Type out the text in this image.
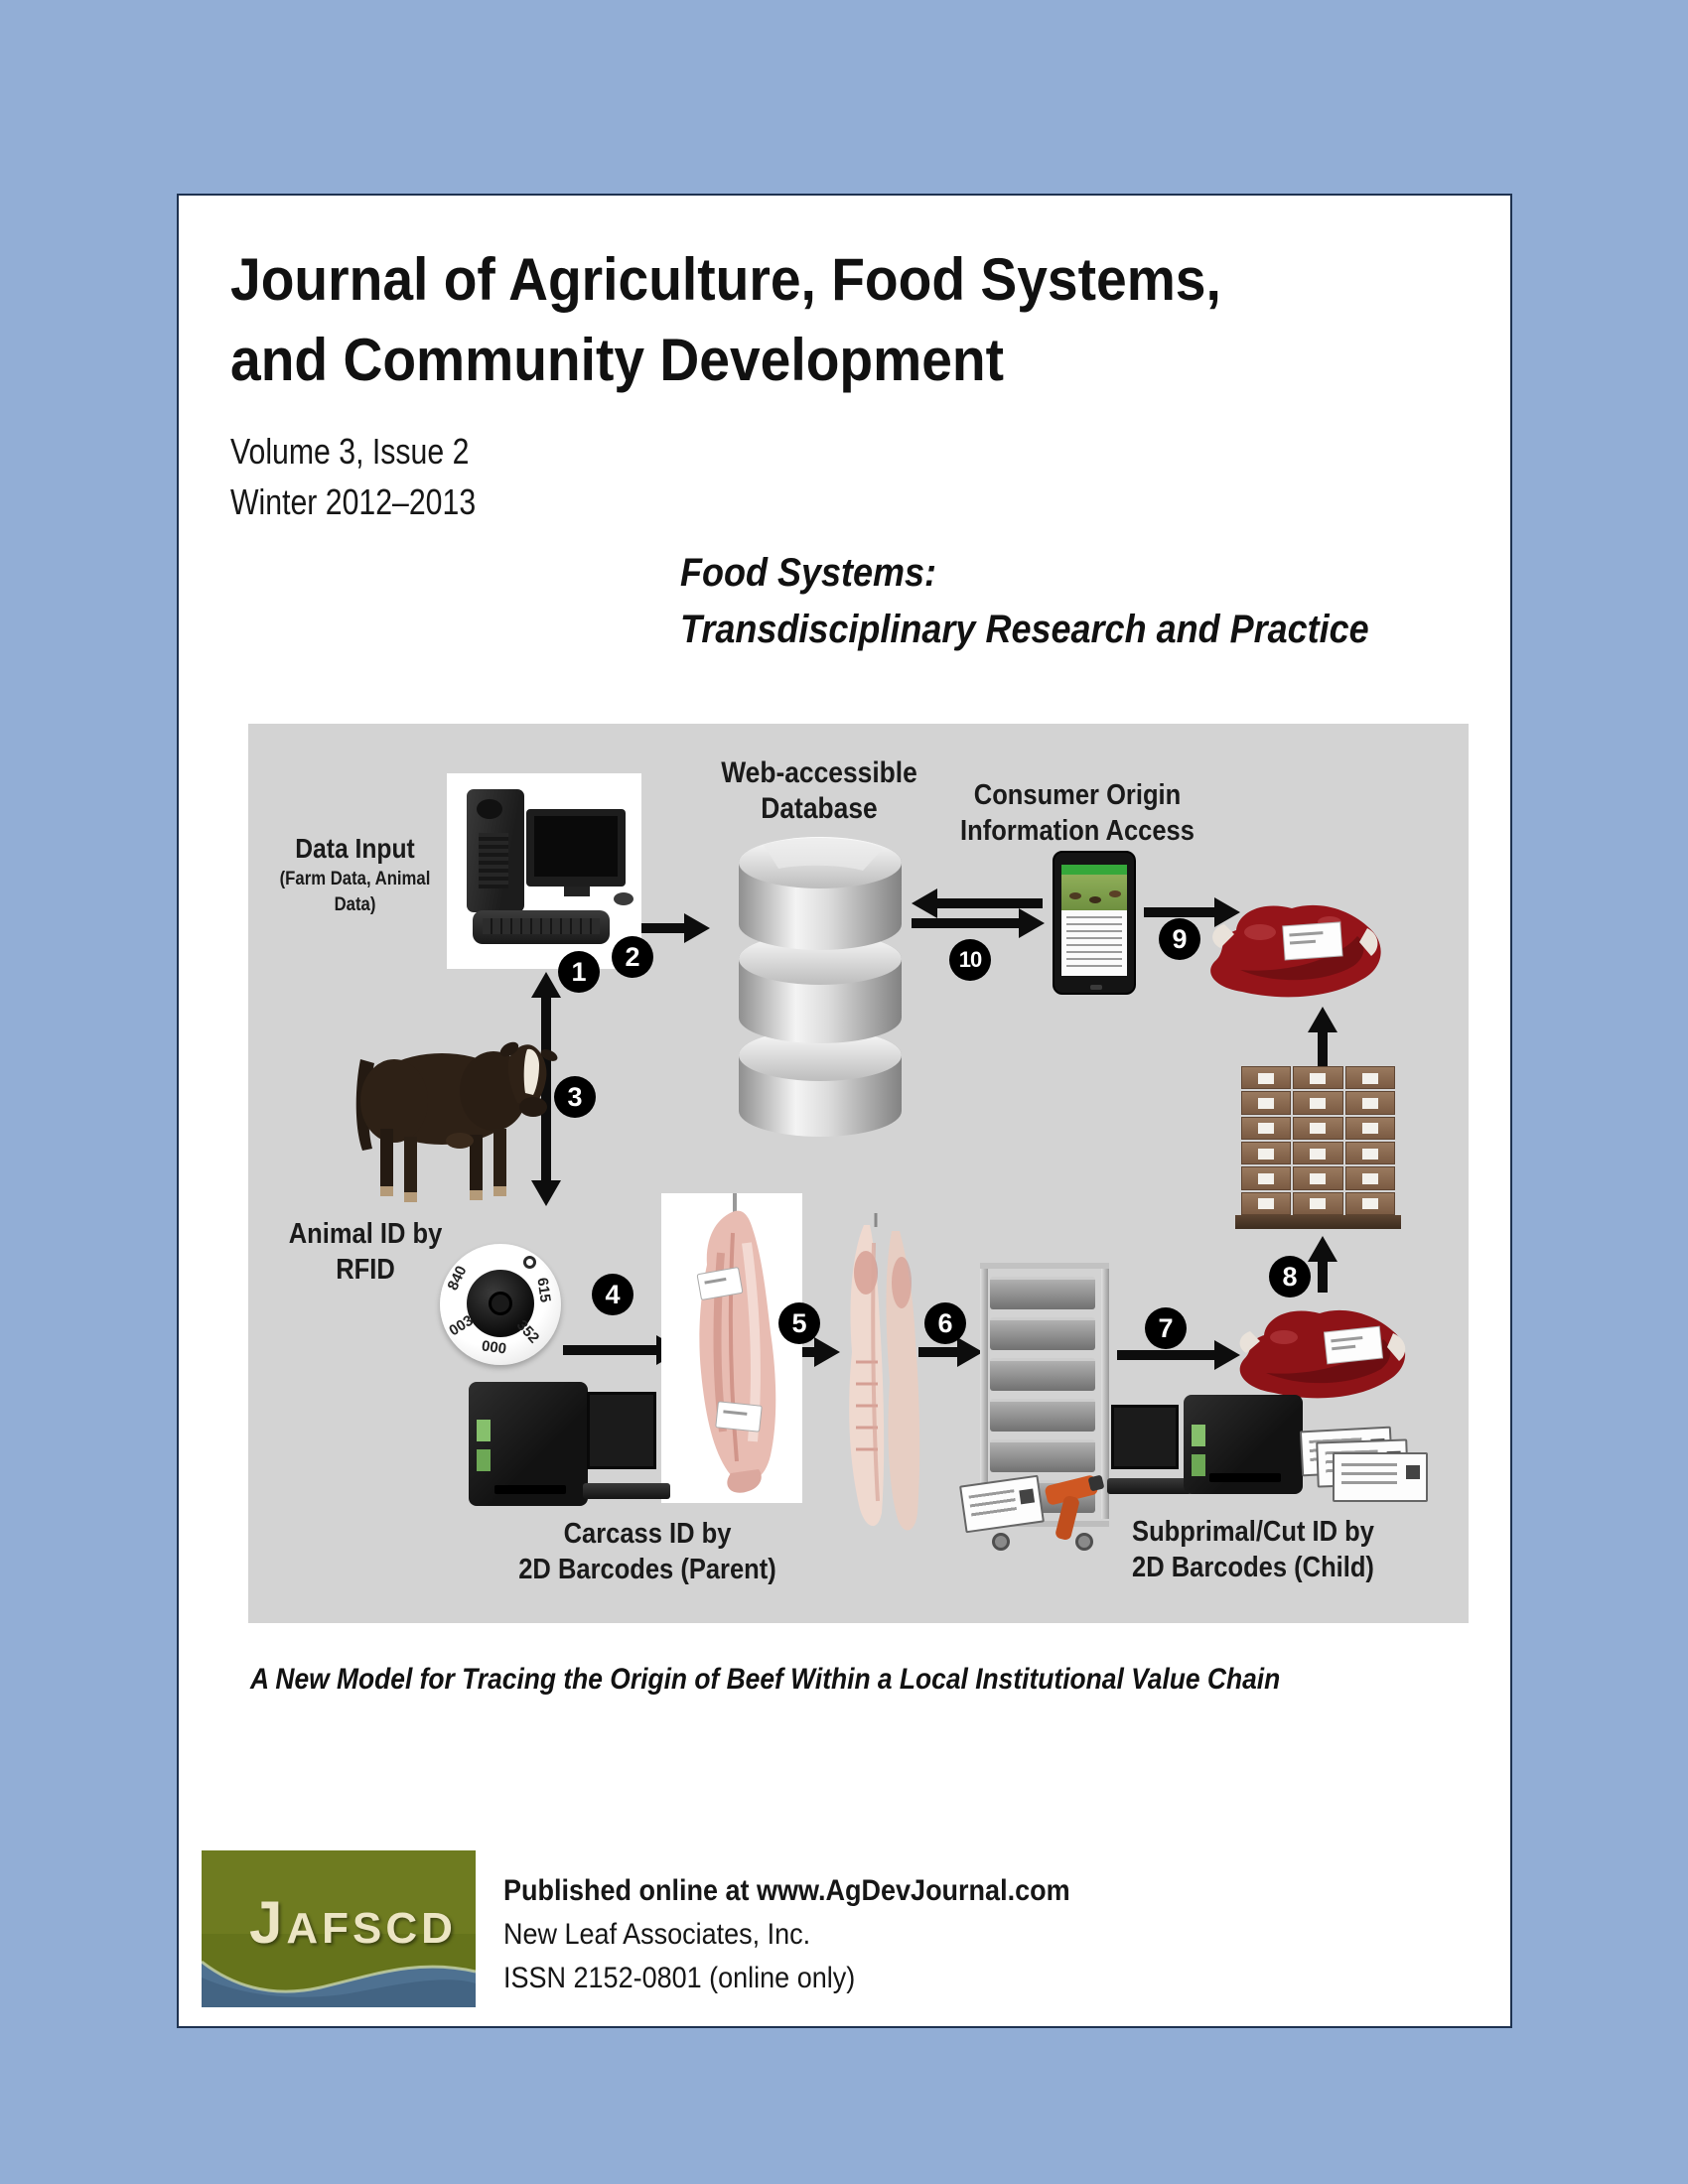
Journal of Agriculture, Food Systems,
and Community Development
Volume 3, Issue 2
Winter 2012–2013
Food Systems:
Transdisciplinary Research and Practice
Data Input
(Farm Data, Animal Data)
Web-accessible
Database	Consumer Origin
Information Access
Animal ID by
RFID	840
003
000
352
615
Carcass ID by
2D Barcodes (Parent)
Subprimal/Cut ID by
2D Barcodes (Child)
1	2
3
4
5	6	7
8
9
10
A New Model for Tracing the Origin of Beef Within a Local Institutional Value Chain
JAFSCD
Published online at www.AgDevJournal.com
New Leaf Associates, Inc.
ISSN 2152-0801 (online only)
